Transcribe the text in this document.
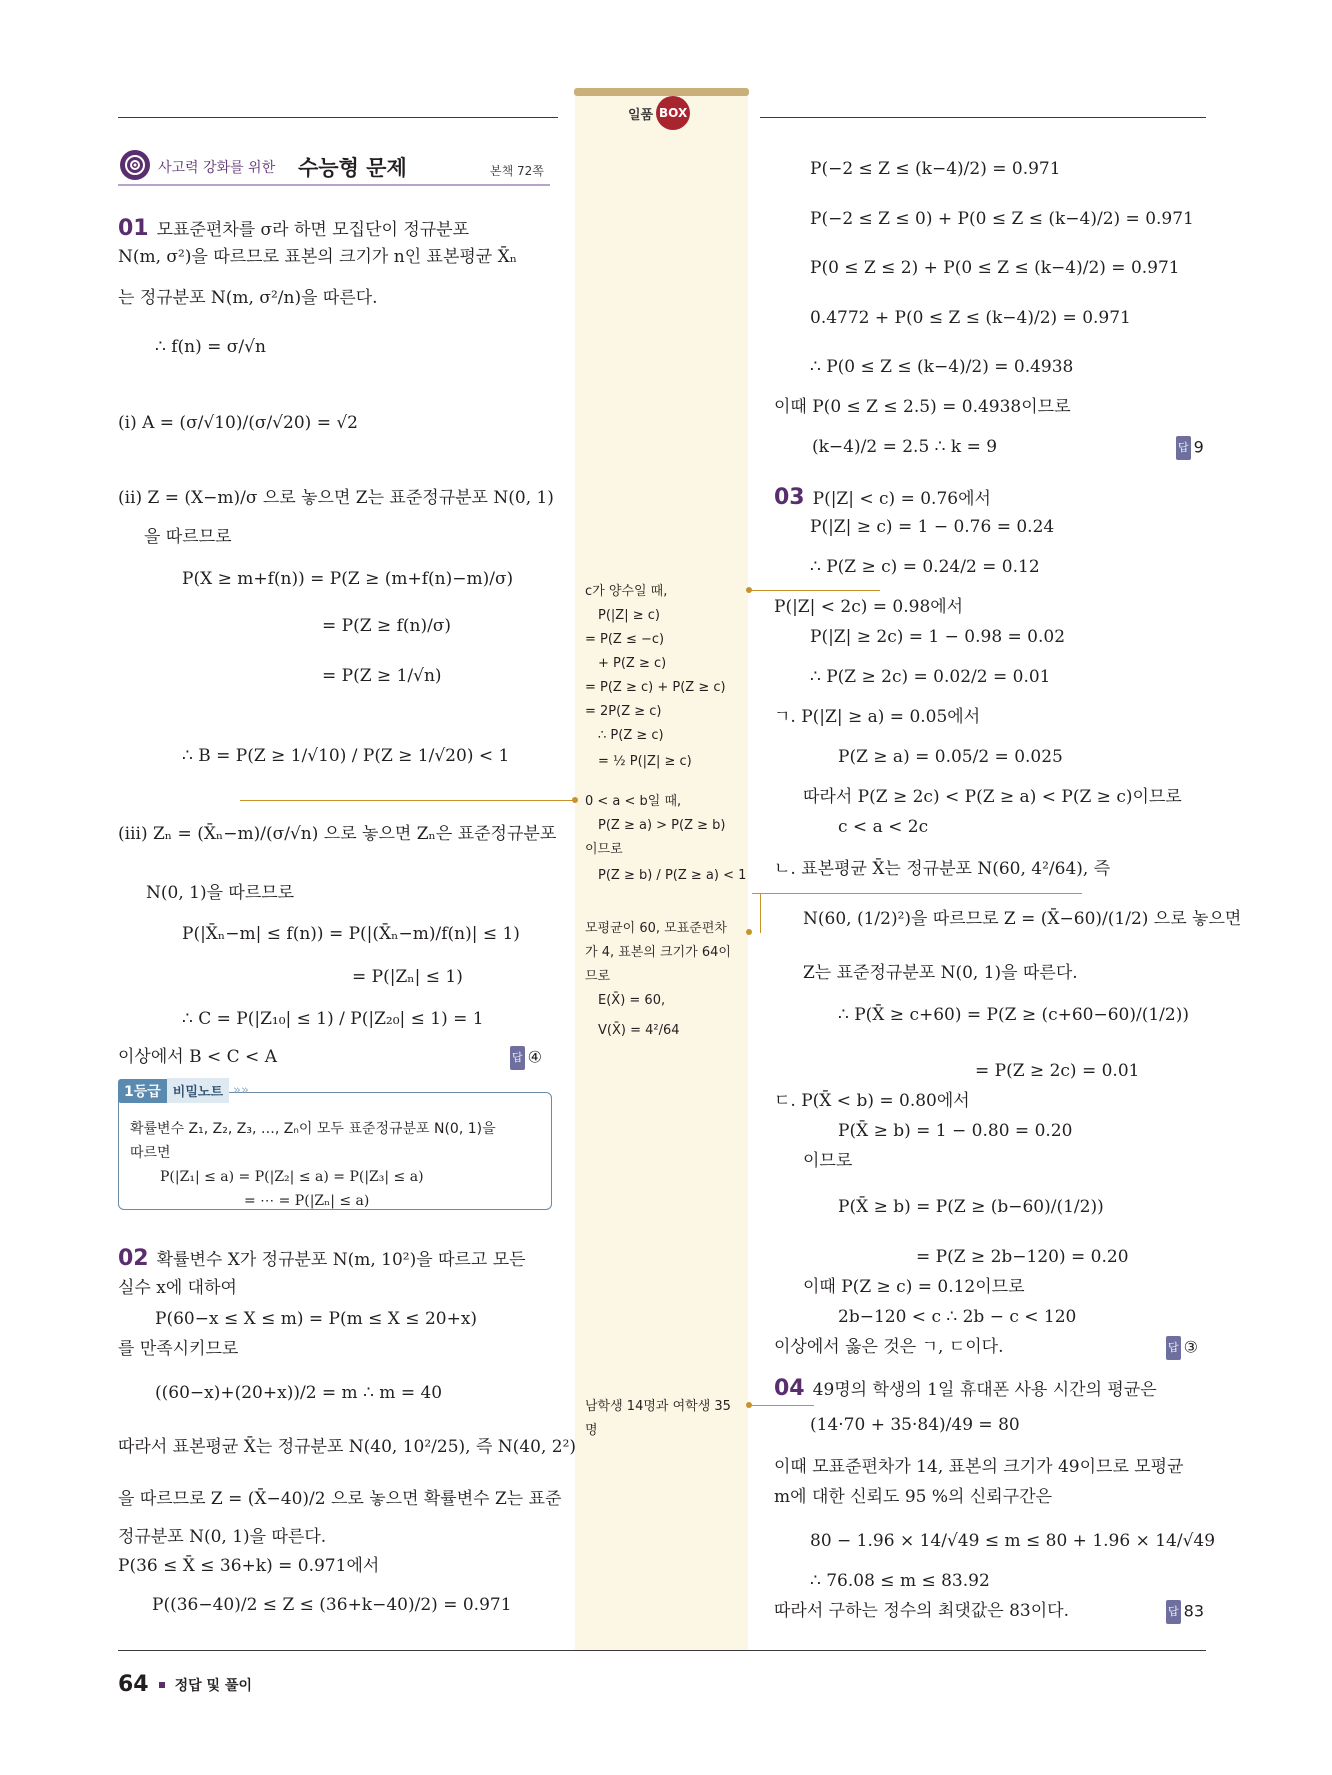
일품 BOX
사고력 강화를 위한 수능형 문제	본책 72쪽
01 모표준편차를 σ라 하면 모집단이 정규분포
N(m, σ²)을 따르므로 표본의 크기가 n인 표본평균 X̄ₙ
는 정규분포 N(m, σ²/n)을 따른다.
∴ f(n) = σ/√n
(ⅰ) A = (σ/√10)/(σ/√20) = √2
(ⅱ) Z = (X−m)/σ 으로 놓으면 Z는 표준정규분포 N(0, 1)
을 따르므로
P(X ≥ m+f(n)) = P(Z ≥ (m+f(n)−m)/σ)
= P(Z ≥ f(n)/σ)
= P(Z ≥ 1/√n)
∴ B = P(Z ≥ 1/√10) / P(Z ≥ 1/√20) < 1
(ⅲ) Zₙ = (X̄ₙ−m)/(σ/√n) 으로 놓으면 Zₙ은 표준정규분포
N(0, 1)을 따르므로
P(|X̄ₙ−m| ≤ f(n)) = P(|(X̄ₙ−m)/f(n)| ≤ 1)
= P(|Zₙ| ≤ 1)
∴ C = P(|Z₁₀| ≤ 1) / P(|Z₂₀| ≤ 1) = 1
이상에서 B < C < A	답 ④
1등급 비밀노트 »»
확률변수 Z₁, Z₂, Z₃, …, Zₙ이 모두 표준정규분포 N(0, 1)을
따르면
P(|Z₁| ≤ a) = P(|Z₂| ≤ a) = P(|Z₃| ≤ a)
= ⋯ = P(|Zₙ| ≤ a)
02 확률변수 X가 정규분포 N(m, 10²)을 따르고 모든
실수 x에 대하여
P(60−x ≤ X ≤ m) = P(m ≤ X ≤ 20+x)
를 만족시키므로
((60−x)+(20+x))/2 = m ∴ m = 40
따라서 표본평균 X̄는 정규분포 N(40, 10²/25), 즉 N(40, 2²)
을 따르므로 Z = (X̄−40)/2 으로 놓으면 확률변수 Z는 표준
정규분포 N(0, 1)을 따른다.
P(36 ≤ X̄ ≤ 36+k) = 0.971에서
P((36−40)/2 ≤ Z ≤ (36+k−40)/2) = 0.971
P(−2 ≤ Z ≤ (k−4)/2) = 0.971
P(−2 ≤ Z ≤ 0) + P(0 ≤ Z ≤ (k−4)/2) = 0.971
P(0 ≤ Z ≤ 2) + P(0 ≤ Z ≤ (k−4)/2) = 0.971
0.4772 + P(0 ≤ Z ≤ (k−4)/2) = 0.971
∴ P(0 ≤ Z ≤ (k−4)/2) = 0.4938
이때 P(0 ≤ Z ≤ 2.5) = 0.4938이므로
(k−4)/2 = 2.5 ∴ k = 9	답 9
03 P(|Z| < c) = 0.76에서
P(|Z| ≥ c) = 1 − 0.76 = 0.24
∴ P(Z ≥ c) = 0.24/2 = 0.12
P(|Z| < 2c) = 0.98에서
P(|Z| ≥ 2c) = 1 − 0.98 = 0.02
∴ P(Z ≥ 2c) = 0.02/2 = 0.01
ㄱ. P(|Z| ≥ a) = 0.05에서
P(Z ≥ a) = 0.05/2 = 0.025
따라서 P(Z ≥ 2c) < P(Z ≥ a) < P(Z ≥ c)이므로
c < a < 2c
ㄴ. 표본평균 X̄는 정규분포 N(60, 4²/64), 즉
N(60, (1/2)²)을 따르므로 Z = (X̄−60)/(1/2) 으로 놓으면
Z는 표준정규분포 N(0, 1)을 따른다.
∴ P(X̄ ≥ c+60) = P(Z ≥ (c+60−60)/(1/2))
= P(Z ≥ 2c) = 0.01
ㄷ. P(X̄ < b) = 0.80에서
P(X̄ ≥ b) = 1 − 0.80 = 0.20
이므로
P(X̄ ≥ b) = P(Z ≥ (b−60)/(1/2))
= P(Z ≥ 2b−120) = 0.20
이때 P(Z ≥ c) = 0.12이므로
2b−120 < c ∴ 2b − c < 120
이상에서 옳은 것은 ㄱ, ㄷ이다.	답 ③
04 49명의 학생의 1일 휴대폰 사용 시간의 평균은
(14·70 + 35·84)/49 = 80
이때 모표준편차가 14, 표본의 크기가 49이므로 모평균
m에 대한 신뢰도 95 %의 신뢰구간은
80 − 1.96 × 14/√49 ≤ m ≤ 80 + 1.96 × 14/√49
∴ 76.08 ≤ m ≤ 83.92
따라서 구하는 정수의 최댓값은 83이다.	답 83
c가 양수일 때,
P(|Z| ≥ c)
= P(Z ≤ −c)
+ P(Z ≥ c)
= P(Z ≥ c) + P(Z ≥ c)
= 2P(Z ≥ c)
∴ P(Z ≥ c)
= ½ P(|Z| ≥ c)
0 < a < b일 때,
P(Z ≥ a) > P(Z ≥ b)
이므로
P(Z ≥ b) / P(Z ≥ a) < 1
모평균이 60, 모표준편차
가 4, 표본의 크기가 64이
므로
E(X̄) = 60,
V(X̄) = 4²/64
남학생 14명과 여학생 35
명
64 정답 및 풀이
